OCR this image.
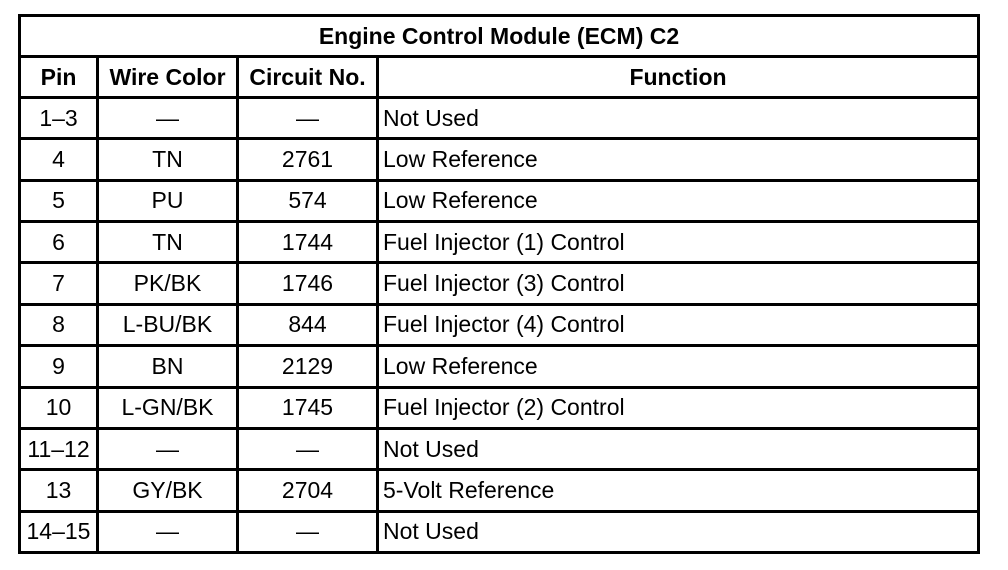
Engine Control Module (ECM) C2			
Pin	Wire Color	Circuit No.	Function
1–3	—	—	Not Used
4	TN	2761	Low Reference
5	PU	574	Low Reference
6	TN	1744	Fuel Injector (1) Control
7	PK/BK	1746	Fuel Injector (3) Control
8	L-BU/BK	844	Fuel Injector (4) Control
9	BN	2129	Low Reference
10	L-GN/BK	1745	Fuel Injector (2) Control
11–12	—	—	Not Used
13	GY/BK	2704	5-Volt Reference
14–15	—	—	Not Used
